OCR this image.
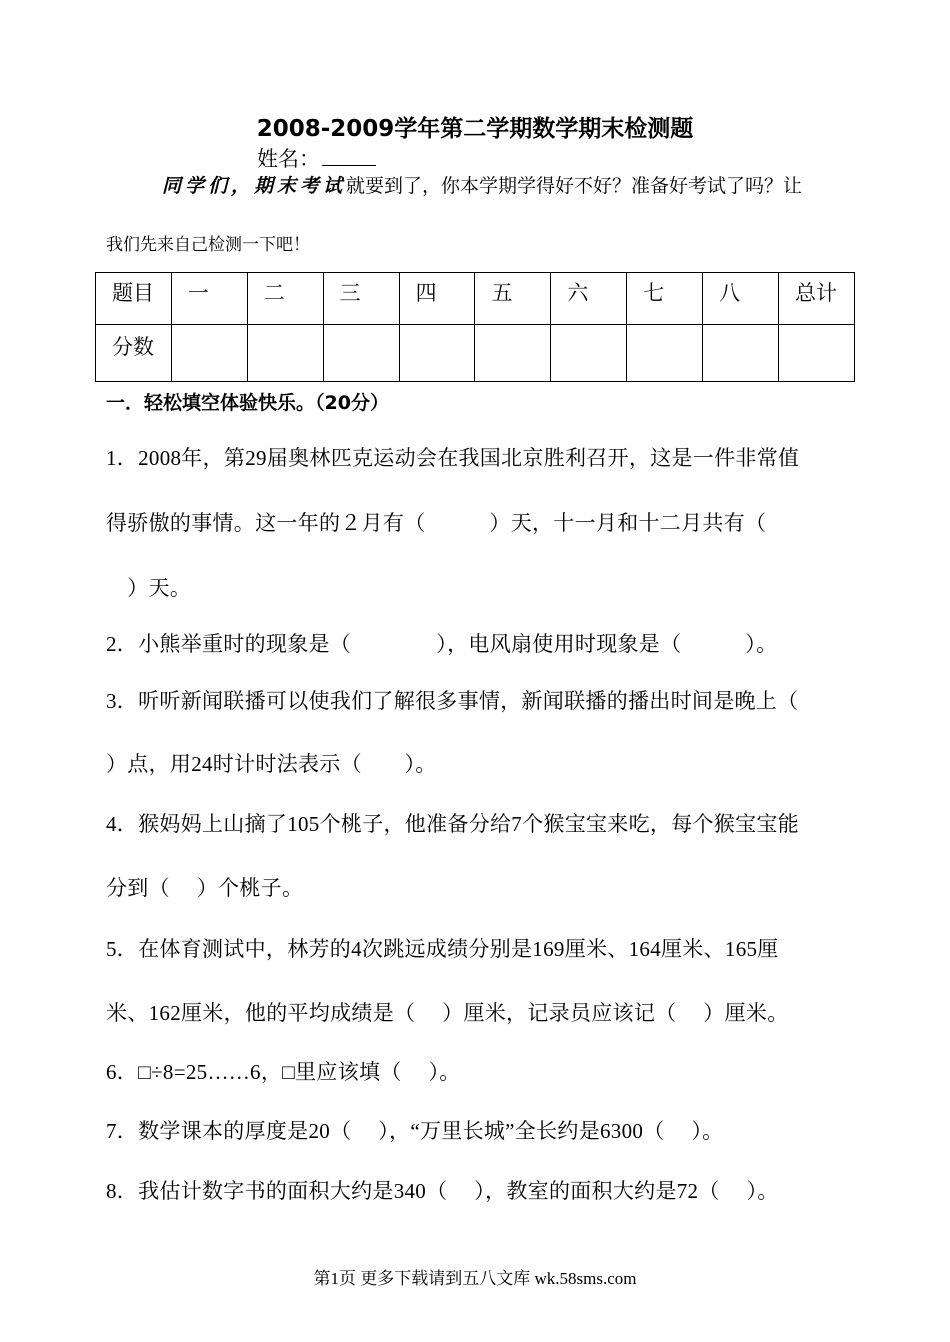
2008-2009学年第二学期数学期末检测题
姓名：
同学们，期末考试就要到了，你本学期学得好不好？准备好考试了吗？让
我们先来自己检测一下吧！
题目	一	二	三	四	五	六	七	八	总计
分数									
一．轻松填空体验快乐。（20分）
1．2008年，第29届奥林匹克运动会在我国北京胜利召开，这是一件非常值
得骄傲的事情。这一年的２月有（　　　）天，十一月和十二月共有（
　）天。
2．小熊举重时的现象是（　　　　），电风扇使用时现象是（　　　）。
3．听听新闻联播可以使我们了解很多事情，新闻联播的播出时间是晚上（
）点，用24时计时法表示（　　）。
4．猴妈妈上山摘了105个桃子，他准备分给7个猴宝宝来吃，每个猴宝宝能
分到（　 ）个桃子。
5．在体育测试中，林芳的4次跳远成绩分别是169厘米、164厘米、165厘
米、162厘米，他的平均成绩是（　 ）厘米，记录员应该记（　 ）厘米。
6．□÷8=25……6，□里应该填（　 ）。
7．数学课本的厚度是20（　 ），“万里长城”全长约是6300（　 ）。
8．我估计数字书的面积大约是340（　 ），教室的面积大约是72（　 ）。
第1页 更多下载请到五八文库 wk.58sms.com
